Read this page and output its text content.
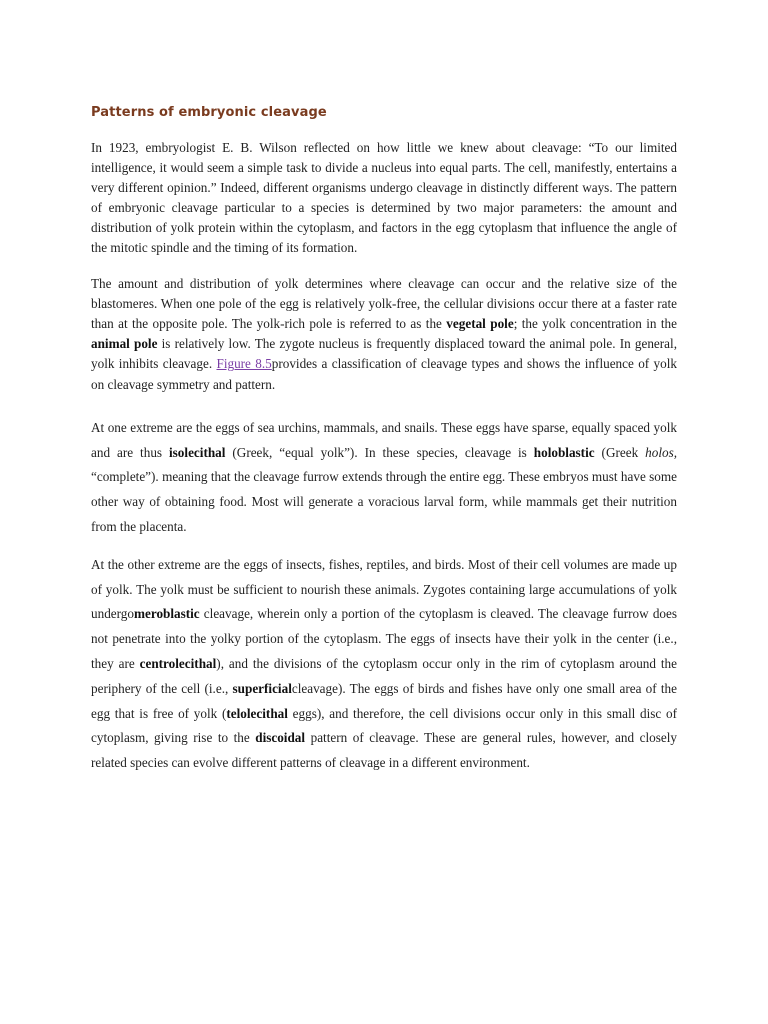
Patterns of embryonic cleavage

In 1923, embryologist E. B. Wilson reflected on how little we knew about cleavage: “To our limited intelligence, it would seem a simple task to divide a nucleus into equal parts. The cell, manifestly, entertains a very different opinion.” Indeed, different organisms undergo cleavage in distinctly different ways. The pattern of embryonic cleavage particular to a species is determined by two major parameters: the amount and distribution of yolk protein within the cytoplasm, and factors in the egg cytoplasm that influence the angle of the mitotic spindle and the timing of its formation.

The amount and distribution of yolk determines where cleavage can occur and the relative size of the blastomeres. When one pole of the egg is relatively yolk-free, the cellular divisions occur there at a faster rate than at the opposite pole. The yolk-rich pole is referred to as the vegetal pole; the yolk concentration in the animal pole is relatively low. The zygote nucleus is frequently displaced toward the animal pole. In general, yolk inhibits cleavage. Figure 8.5provides a classification of cleavage types and shows the influence of yolk on cleavage symmetry and pattern.

At one extreme are the eggs of sea urchins, mammals, and snails. These eggs have sparse, equally spaced yolk and are thus isolecithal (Greek, “equal yolk”). In these species, cleavage is holoblastic (Greek holos, “complete”). meaning that the cleavage furrow extends through the entire egg. These embryos must have some other way of obtaining food. Most will generate a voracious larval form, while mammals get their nutrition from the placenta.

At the other extreme are the eggs of insects, fishes, reptiles, and birds. Most of their cell volumes are made up of yolk. The yolk must be sufficient to nourish these animals. Zygotes containing large accumulations of yolk undergomeroblastic cleavage, wherein only a portion of the cytoplasm is cleaved. The cleavage furrow does not penetrate into the yolky portion of the cytoplasm. The eggs of insects have their yolk in the center (i.e., they are centrolecithal), and the divisions of the cytoplasm occur only in the rim of cytoplasm around the periphery of the cell (i.e., superficialcleavage). The eggs of birds and fishes have only one small area of the egg that is free of yolk (telolecithal eggs), and therefore, the cell divisions occur only in this small disc of cytoplasm, giving rise to the discoidal pattern of cleavage. These are general rules, however, and closely related species can evolve different patterns of cleavage in a different environment.
